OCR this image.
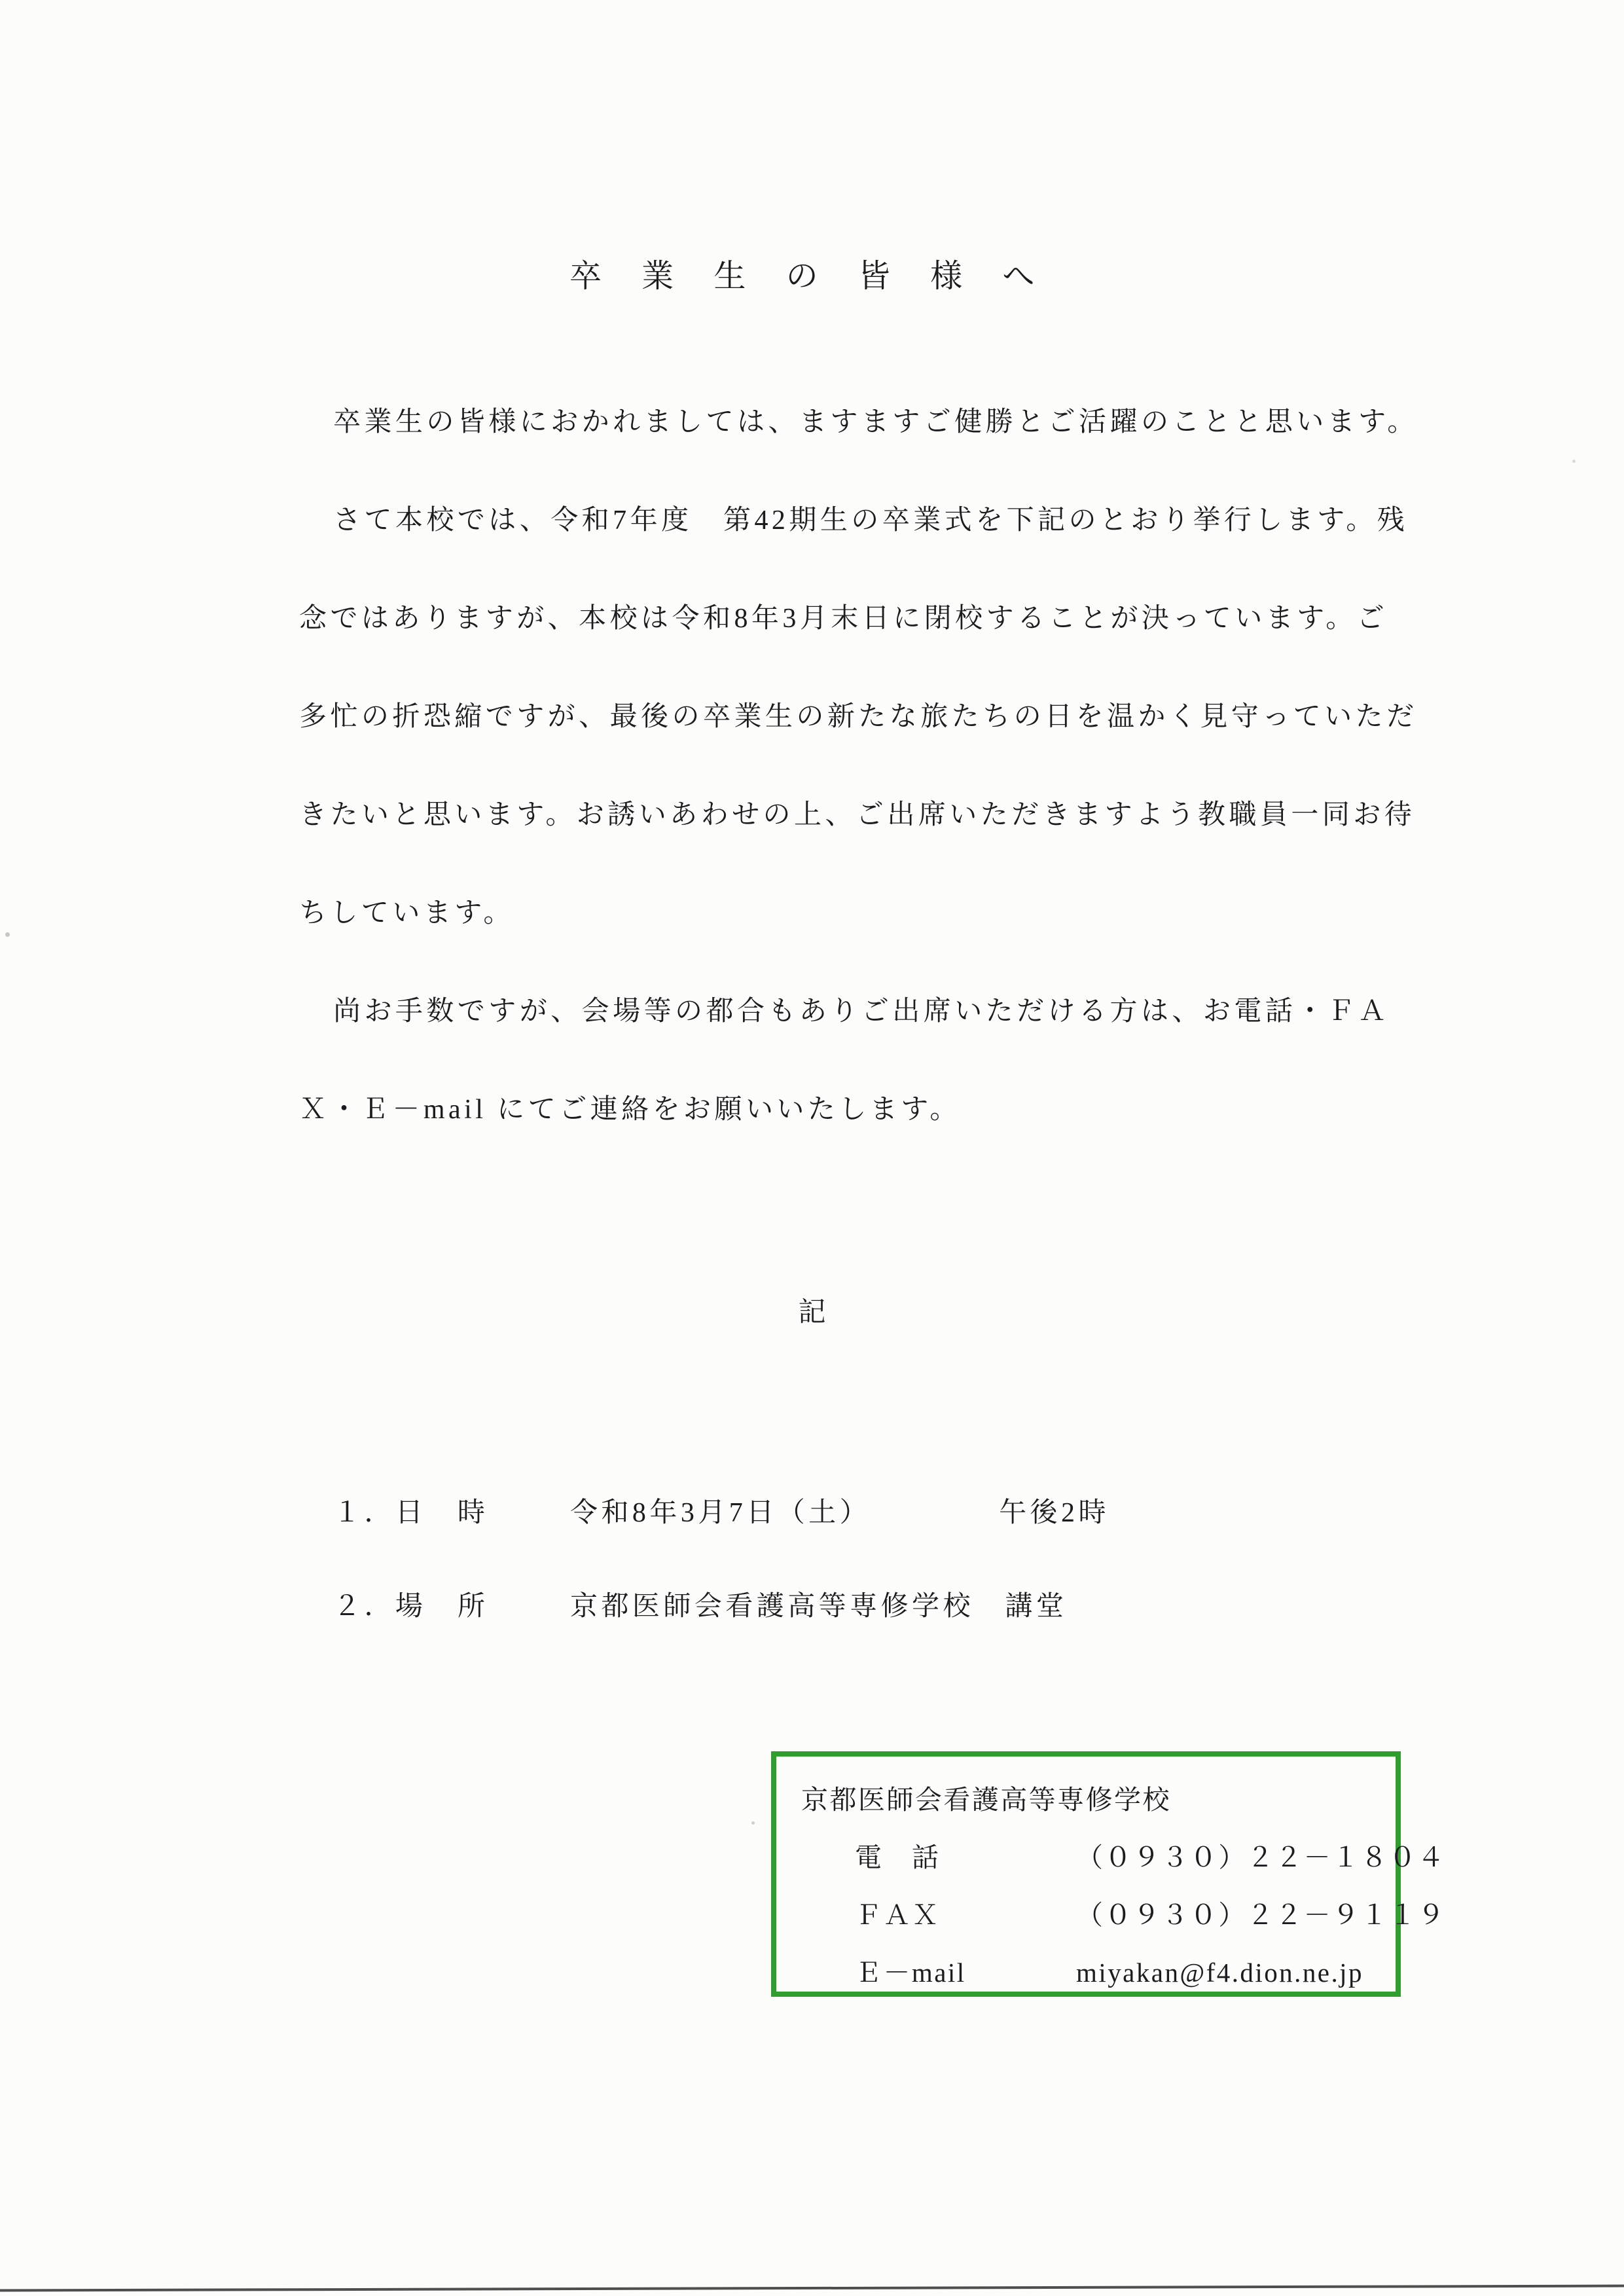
卒業生の皆様へ
卒業生の皆様におかれましては、ますますご健勝とご活躍のことと思います。
さて本校では、令和7年度　第42期生の卒業式を下記のとおり挙行します。残
念ではありますが、本校は令和8年3月末日に閉校することが決っています。ご
多忙の折恐縮ですが、最後の卒業生の新たな旅たちの日を温かく見守っていただ
きたいと思います。お誘いあわせの上、ご出席いただきますよう教職員一同お待
ちしています。
尚お手数ですが、会場等の都合もありご出席いただける方は、お電話・ＦＡ
Ｘ・Ｅ－mail にてご連絡をお願いいたします。
記
１．日　時	令和8年3月7日（土）	午後2時
２．場　所	京都医師会看護高等専修学校　講堂
京都医師会看護高等専修学校
電　話	（０９３０）２２－１８０４
ＦＡＸ	（０９３０）２２－９１１９
Ｅ－mail	miyakan@f4.dion.ne.jp
